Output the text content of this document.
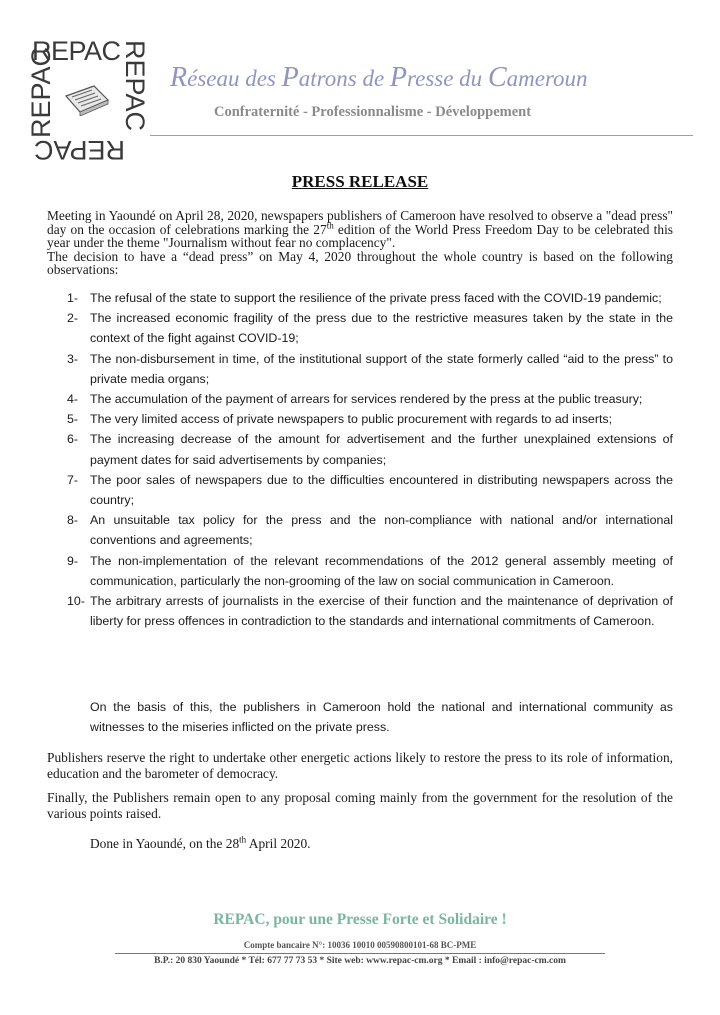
REPAC
REPAC REPAC
REPAC
Réseau des Patrons de Presse du Cameroun
Confraternité - Professionnalisme - Développement
PRESS RELEASE
Meeting in Yaoundé on April 28, 2020, newspapers publishers of Cameroon have resolved to observe a "dead press" day on the occasion of celebrations marking the 27th edition of the World Press Freedom Day to be celebrated this year under the theme "Journalism without fear no complacency".
The decision to have a “dead press” on May 4, 2020 throughout the whole country is based on the following observations:
1- The refusal of the state to support the resilience of the private press faced with the COVID-19 pandemic;
2- The increased economic fragility of the press due to the restrictive measures taken by the state in the context of the fight against COVID-19;
3- The non-disbursement in time, of the institutional support of the state formerly called “aid to the press” to private media organs;
4- The accumulation of the payment of arrears for services rendered by the press at the public treasury;
5- The very limited access of private newspapers to public procurement with regards to ad inserts;
6- The increasing decrease of the amount for advertisement and the further unexplained extensions of payment dates for said advertisements by companies;
7- The poor sales of newspapers due to the difficulties encountered in distributing newspapers across the country;
8- An unsuitable tax policy for the press and the non-compliance with national and/or international conventions and agreements;
9- The non-implementation of the relevant recommendations of the 2012 general assembly meeting of communication, particularly the non-grooming of the law on social communication in Cameroon.
10- The arbitrary arrests of journalists in the exercise of their function and the maintenance of deprivation of liberty for press offences in contradiction to the standards and international commitments of Cameroon.
On the basis of this, the publishers in Cameroon hold the national and international community as witnesses to the miseries inflicted on the private press.
Publishers reserve the right to undertake other energetic actions likely to restore the press to its role of information, education and the barometer of democracy.
Finally, the Publishers remain open to any proposal coming mainly from the government for the resolution of the various points raised.
Done in Yaoundé, on the 28th April 2020.
REPAC, pour une Presse Forte et Solidaire !
Compte bancaire N°: 10036 10010 00590800101-68 BC-PME
B.P.: 20 830 Yaoundé * Tél: 677 77 73 53 * Site web: www.repac-cm.org * Email : info@repac-cm.com
